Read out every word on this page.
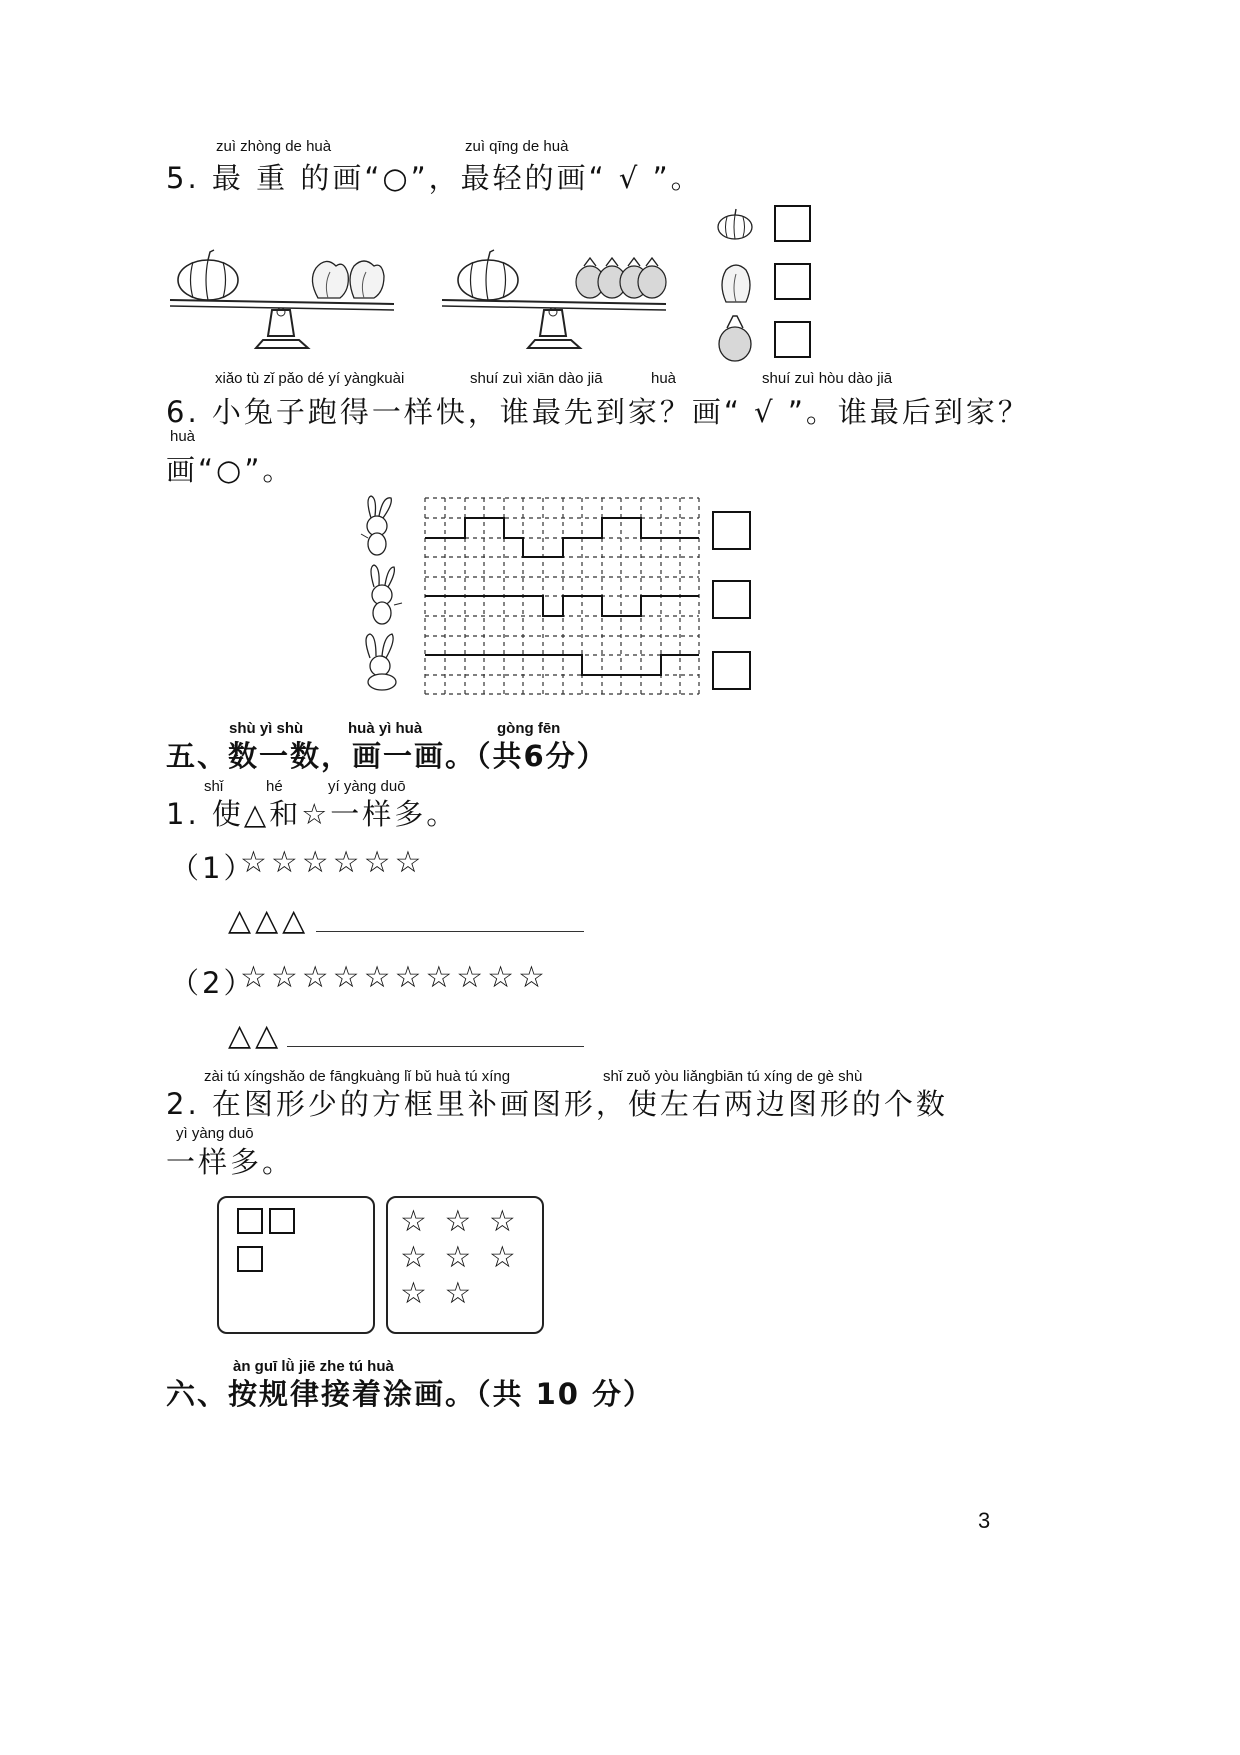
zuì zhòng de huà	zuì qīng de huà
5. 最 重 的画“○”，最轻的画“ √ ”。
xiǎo tù zǐ pǎo dé yí yàngkuài	shuí zuì xiān dào jiā	huà	shuí zuì hòu dào jiā
6. 小兔子跑得一样快，谁最先到家？画“ √ ”。谁最后到家？
huà
画“○”。
shù yì shù	huà yì huà	gòng fēn
五、数一数，画一画。（共6分）
shǐ	hé	yí yàng duō
1. 使△和☆一样多。
（1）
☆☆☆☆☆☆
△△△
（2）
☆☆☆☆☆☆☆☆☆☆
△△
zài tú xíngshǎo de fāngkuàng lǐ bǔ huà tú xíng	shǐ zuǒ yòu liǎngbiān tú xíng de gè shù
2. 在图形少的方框里补画图形，使左右两边图形的个数
yì yàng duō
一样多。

☆ ☆ ☆
☆ ☆ ☆
☆ ☆
àn guī lǜ jiē zhe tú huà
六、按规律接着涂画。（共 10 分）
3
